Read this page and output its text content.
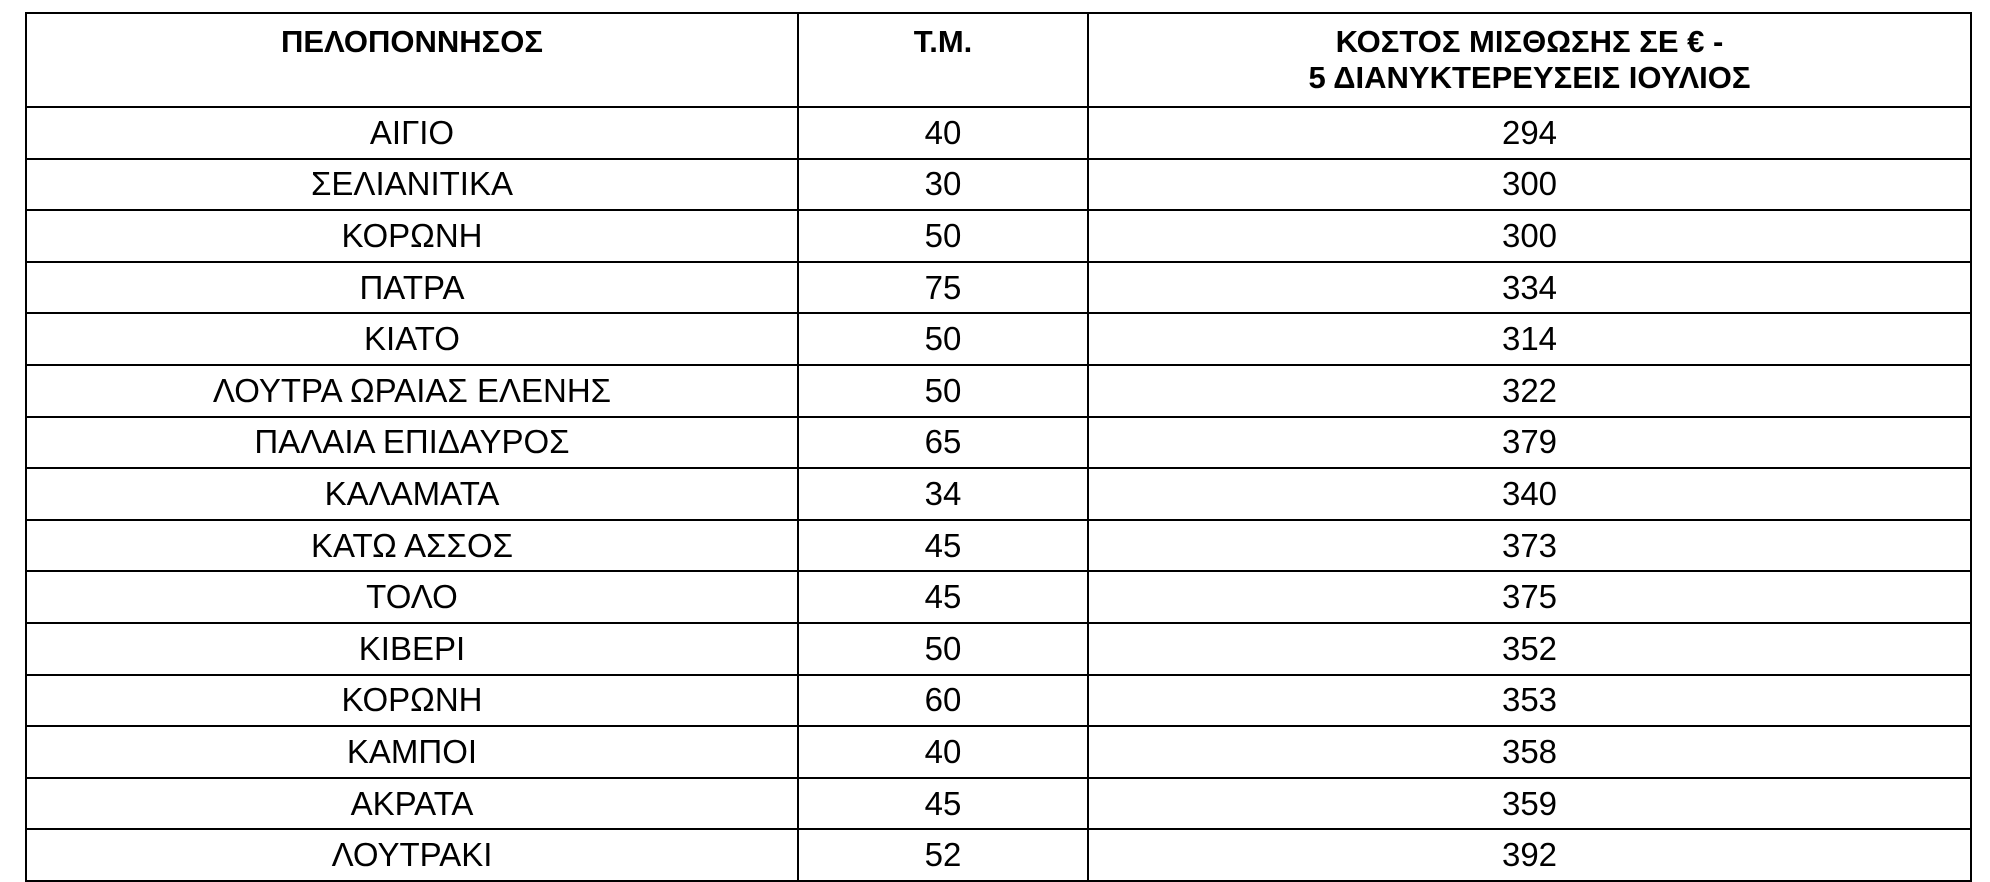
ΠΕΛΟΠΟΝΝΗΣΟΣ	Τ.Μ.	ΚΟΣΤΟΣ ΜΙΣΘΩΣΗΣ ΣΕ € -
5 ΔΙΑΝΥΚΤΕΡΕΥΣΕΙΣ ΙΟΥΛΙΟΣ

ΑΙΓΙΟ	40	294
ΣΕΛΙΑΝΙΤΙΚΑ	30	300
ΚΟΡΩΝΗ	50	300
ΠΑΤΡΑ	75	334
ΚΙΑΤΟ	50	314
ΛΟΥΤΡΑ ΩΡΑΙΑΣ ΕΛΕΝΗΣ	50	322
ΠΑΛΑΙΑ ΕΠΙΔΑΥΡΟΣ	65	379
ΚΑΛΑΜΑΤΑ	34	340
ΚΑΤΩ ΑΣΣΟΣ	45	373
ΤΟΛΟ	45	375
ΚΙΒΕΡΙ	50	352
ΚΟΡΩΝΗ	60	353
ΚΑΜΠΟΙ	40	358
ΑΚΡΑΤΑ	45	359
ΛΟΥΤΡΑΚΙ	52	392
